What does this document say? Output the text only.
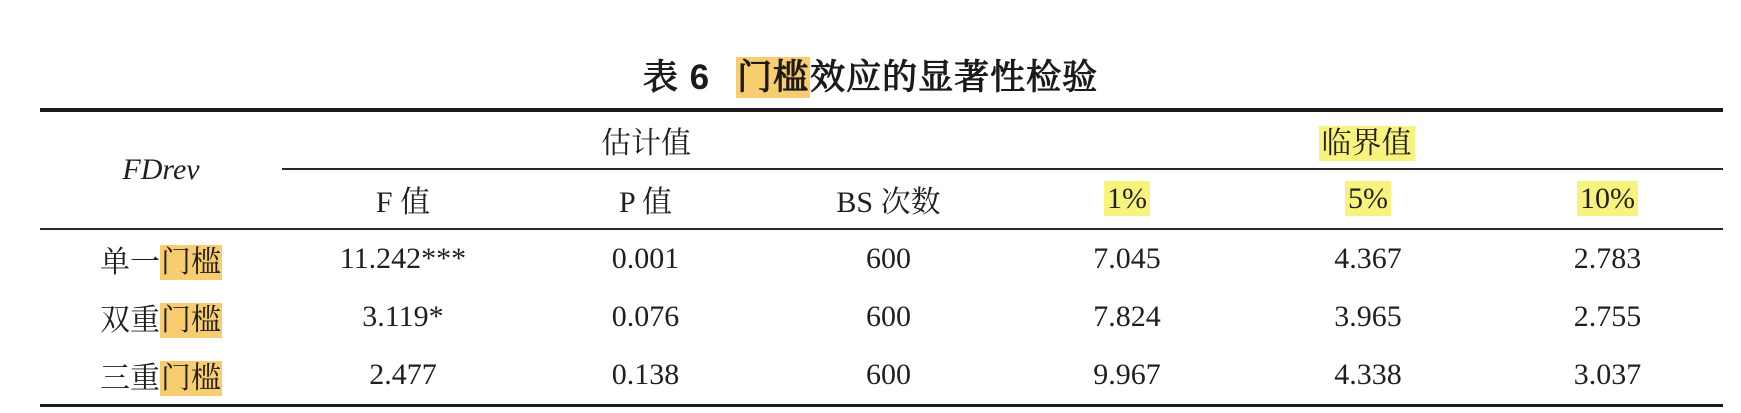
表 6 门槛效应的显著性检验
FDrev	估计值			临界值		
	F 值	P 值	BS 次数	1%	5%	10%
单一门槛	11.242***	0.001	600	7.045	4.367	2.783
双重门槛	3.119*	0.076	600	7.824	3.965	2.755
三重门槛	2.477	0.138	600	9.967	4.338	3.037
